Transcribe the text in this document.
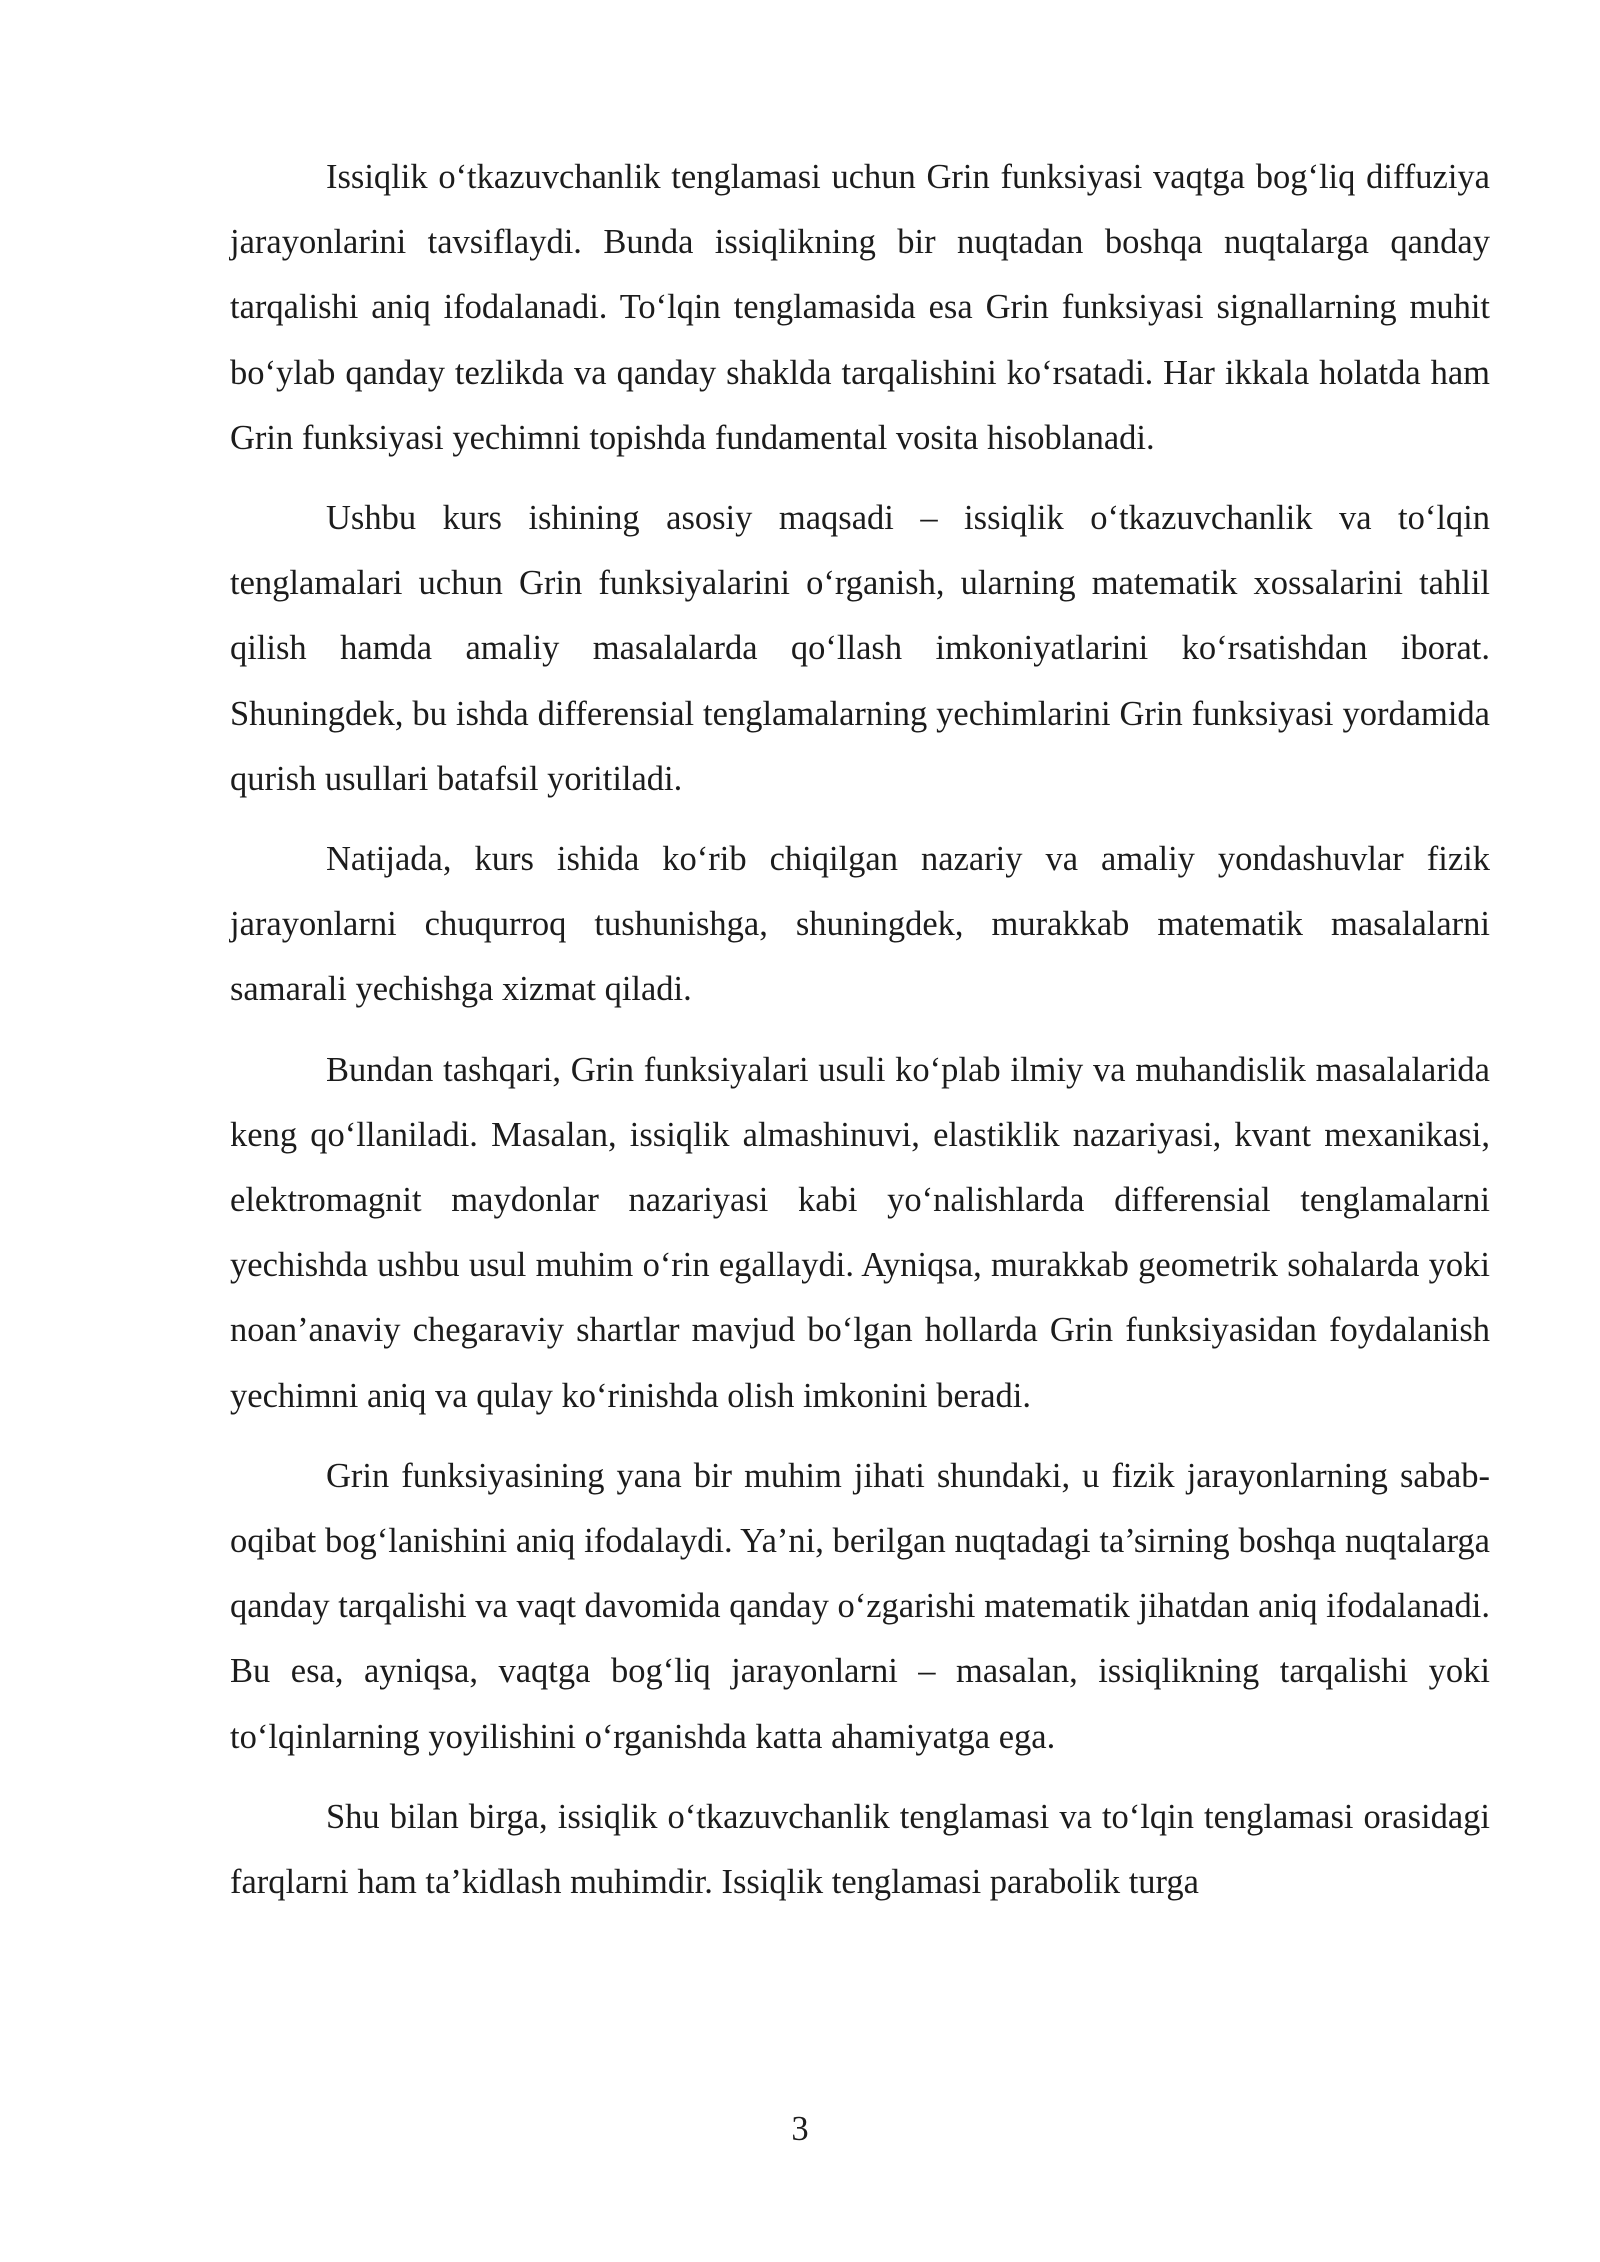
Issiqlik o‘tkazuvchanlik tenglamasi uchun Grin funksiyasi vaqtga bog‘liq diffuziya jarayonlarini tavsiflaydi. Bunda issiqlikning bir nuqtadan boshqa nuqtalarga qanday tarqalishi aniq ifodalanadi. To‘lqin tenglamasida esa Grin funksiyasi signallarning muhit bo‘ylab qanday tezlikda va qanday shaklda tarqalishini ko‘rsatadi. Har ikkala holatda ham Grin funksiyasi yechimni topishda fundamental vosita hisoblanadi.

Ushbu kurs ishining asosiy maqsadi – issiqlik o‘tkazuvchanlik va to‘lqin tenglamalari uchun Grin funksiyalarini o‘rganish, ularning matematik xossalarini tahlil qilish hamda amaliy masalalarda qo‘llash imkoniyatlarini ko‘rsatishdan iborat. Shuningdek, bu ishda differensial tenglamalarning yechimlarini Grin funksiyasi yordamida qurish usullari batafsil yoritiladi.

Natijada, kurs ishida ko‘rib chiqilgan nazariy va amaliy yondashuvlar fizik jarayonlarni chuqurroq tushunishga, shuningdek, murakkab matematik masalalarni samarali yechishga xizmat qiladi.

Bundan tashqari, Grin funksiyalari usuli ko‘plab ilmiy va muhandislik masalalarida keng qo‘llaniladi. Masalan, issiqlik almashinuvi, elastiklik nazariyasi, kvant mexanikasi, elektromagnit maydonlar nazariyasi kabi yo‘nalishlarda differensial tenglamalarni yechishda ushbu usul muhim o‘rin egallaydi. Ayniqsa, murakkab geometrik sohalarda yoki noan’anaviy chegaraviy shartlar mavjud bo‘lgan hollarda Grin funksiyasidan foydalanish yechimni aniq va qulay ko‘rinishda olish imkonini beradi.

Grin funksiyasining yana bir muhim jihati shundaki, u fizik jarayonlarning sabab-oqibat bog‘lanishini aniq ifodalaydi. Ya’ni, berilgan nuqtadagi ta’sirning boshqa nuqtalarga qanday tarqalishi va vaqt davomida qanday o‘zgarishi matematik jihatdan aniq ifodalanadi. Bu esa, ayniqsa, vaqtga bog‘liq jarayonlarni – masalan, issiqlikning tarqalishi yoki to‘lqinlarning yoyilishini o‘rganishda katta ahamiyatga ega.

Shu bilan birga, issiqlik o‘tkazuvchanlik tenglamasi va to‘lqin tenglamasi orasidagi farqlarni ham ta’kidlash muhimdir. Issiqlik tenglamasi parabolik turga

3
